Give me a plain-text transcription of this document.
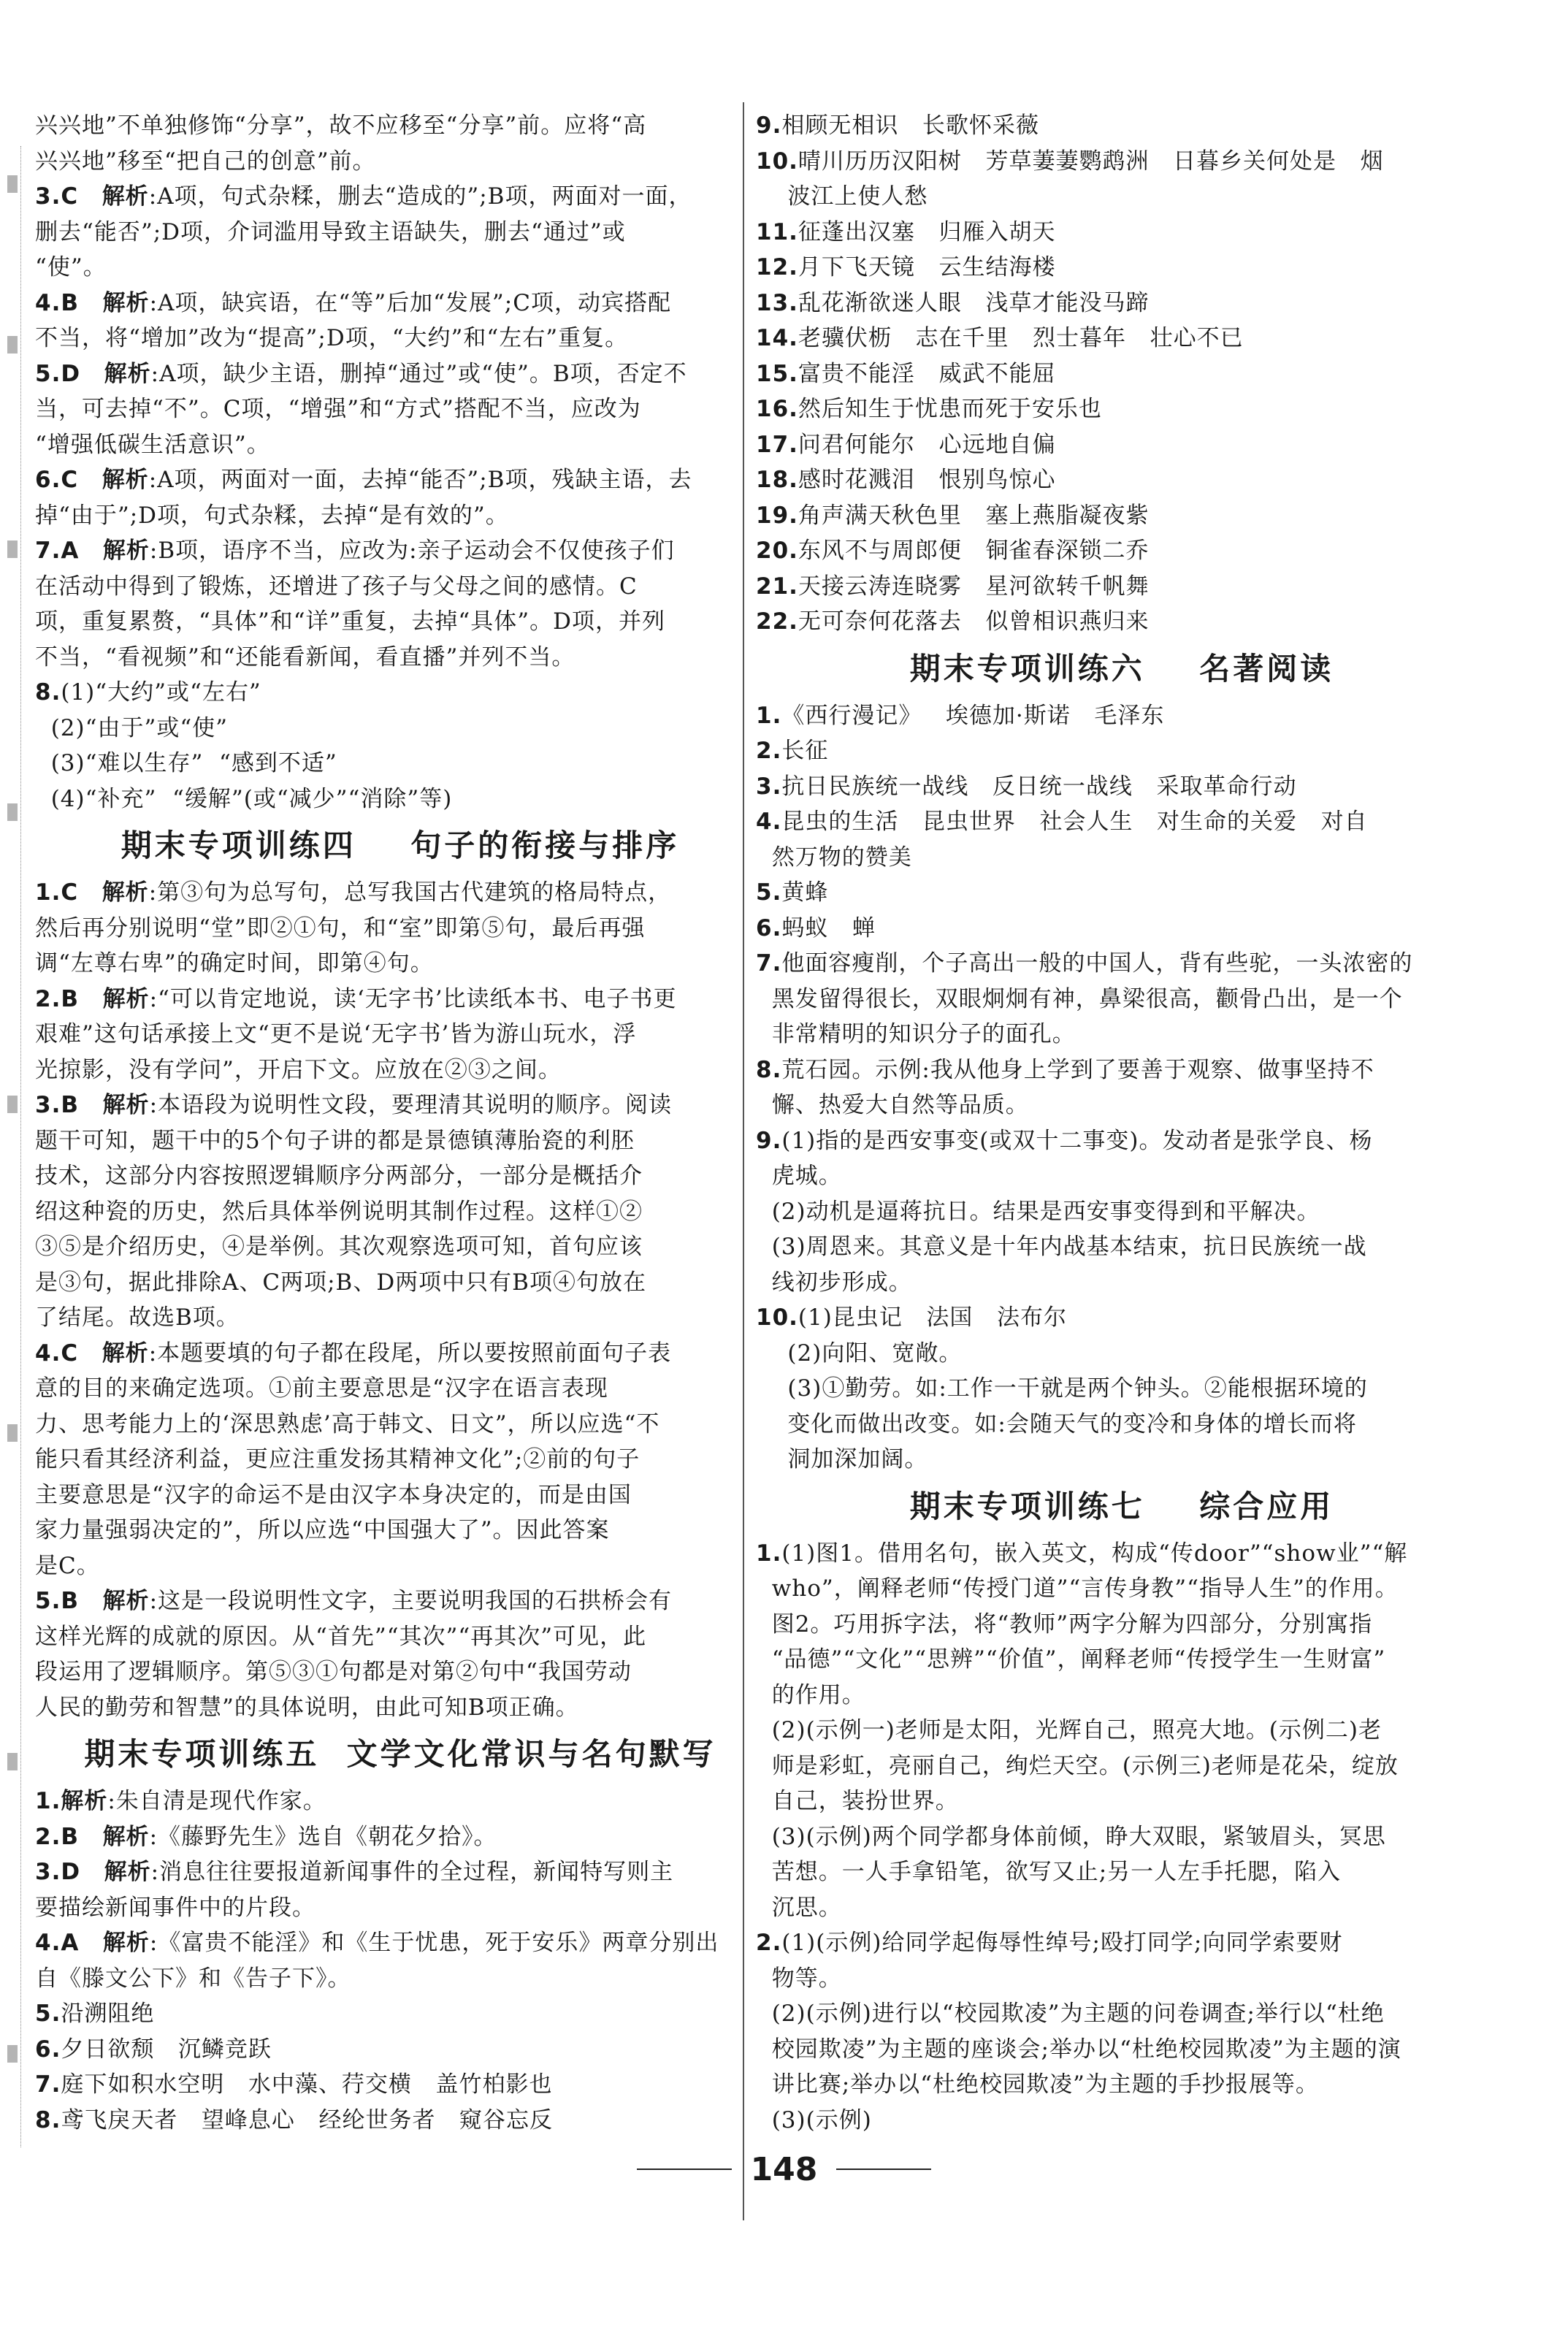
兴兴地”不单独修饰“分享”，故不应移至“分享”前。应将“高
兴兴地”移至“把自己的创意”前。
3.C 解析:A项，句式杂糅，删去“造成的”;B项，两面对一面，
删去“能否”;D项，介词滥用导致主语缺失，删去“通过”或
“使”。
4.B 解析:A项，缺宾语，在“等”后加“发展”;C项，动宾搭配
不当，将“增加”改为“提高”;D项，“大约”和“左右”重复。
5.D 解析:A项，缺少主语，删掉“通过”或“使”。B项，否定不
当，可去掉“不”。C项，“增强”和“方式”搭配不当，应改为
“增强低碳生活意识”。
6.C 解析:A项，两面对一面，去掉“能否”;B项，残缺主语，去
掉“由于”;D项，句式杂糅，去掉“是有效的”。
7.A 解析:B项，语序不当，应改为:亲子运动会不仅使孩子们
在活动中得到了锻炼，还增进了孩子与父母之间的感情。C
项，重复累赘，“具体”和“详”重复，去掉“具体”。D项，并列
不当，“看视频”和“还能看新闻，看直播”并列不当。
8.(1)“大约”或“左右”
(2)“由于”或“使”
(3)“难以生存”  “感到不适”
(4)“补充”  “缓解”(或“减少”“消除”等)
期末专项训练四    句子的衔接与排序
1.C 解析:第③句为总写句，总写我国古代建筑的格局特点，
然后再分别说明“堂”即②①句，和“室”即第⑤句，最后再强
调“左尊右卑”的确定时间，即第④句。
2.B 解析:“可以肯定地说，读‘无字书’比读纸本书、电子书更
艰难”这句话承接上文“更不是说‘无字书’皆为游山玩水，浮
光掠影，没有学问”，开启下文。应放在②③之间。
3.B 解析:本语段为说明性文段，要理清其说明的顺序。阅读
题干可知，题干中的5个句子讲的都是景德镇薄胎瓷的利胚
技术，这部分内容按照逻辑顺序分两部分，一部分是概括介
绍这种瓷的历史，然后具体举例说明其制作过程。这样①②
③⑤是介绍历史，④是举例。其次观察选项可知，首句应该
是③句，据此排除A、C两项;B、D两项中只有B项④句放在
了结尾。故选B项。
4.C 解析:本题要填的句子都在段尾，所以要按照前面句子表
意的目的来确定选项。①前主要意思是“汉字在语言表现
力、思考能力上的‘深思熟虑’高于韩文、日文”，所以应选“不
能只看其经济利益，更应注重发扬其精神文化”;②前的句子
主要意思是“汉字的命运不是由汉字本身决定的，而是由国
家力量强弱决定的”，所以应选“中国强大了”。因此答案
是C。
5.B 解析:这是一段说明性文字，主要说明我国的石拱桥会有
这样光辉的成就的原因。从“首先”“其次”“再其次”可见，此
段运用了逻辑顺序。第⑤③①句都是对第②句中“我国劳动
人民的勤劳和智慧”的具体说明，由此可知B项正确。
期末专项训练五  文学文化常识与名句默写
1.解析:朱自清是现代作家。
2.B 解析:《藤野先生》选自《朝花夕拾》。
3.D 解析:消息往往要报道新闻事件的全过程，新闻特写则主
要描绘新闻事件中的片段。
4.A 解析:《富贵不能淫》和《生于忧患，死于安乐》两章分别出
自《滕文公下》和《告子下》。
5.沿溯阻绝
6.夕日欲颓   沉鳞竞跃
7.庭下如积水空明   水中藻、荇交横   盖竹柏影也
8.鸢飞戾天者   望峰息心   经纶世务者   窥谷忘反
9.相顾无相识   长歌怀采薇
10.晴川历历汉阳树   芳草萋萋鹦鹉洲   日暮乡关何处是   烟
波江上使人愁
11.征蓬出汉塞   归雁入胡天
12.月下飞天镜   云生结海楼
13.乱花渐欲迷人眼   浅草才能没马蹄
14.老骥伏枥   志在千里   烈士暮年   壮心不已
15.富贵不能淫   威武不能屈
16.然后知生于忧患而死于安乐也
17.问君何能尔   心远地自偏
18.感时花溅泪   恨别鸟惊心
19.角声满天秋色里   塞上燕脂凝夜紫
20.东风不与周郎便   铜雀春深锁二乔
21.天接云涛连晓雾   星河欲转千帆舞
22.无可奈何花落去   似曾相识燕归来
期末专项训练六    名著阅读
1.《西行漫记》   埃德加·斯诺   毛泽东
2.长征
3.抗日民族统一战线   反日统一战线   采取革命行动
4.昆虫的生活   昆虫世界   社会人生   对生命的关爱   对自
然万物的赞美
5.黄蜂
6.蚂蚁   蝉
7.他面容瘦削，个子高出一般的中国人，背有些驼，一头浓密的
黑发留得很长，双眼炯炯有神，鼻梁很高，颧骨凸出，是一个
非常精明的知识分子的面孔。
8.荒石园。示例:我从他身上学到了要善于观察、做事坚持不
懈、热爱大自然等品质。
9.(1)指的是西安事变(或双十二事变)。发动者是张学良、杨
虎城。
(2)动机是逼蒋抗日。结果是西安事变得到和平解决。
(3)周恩来。其意义是十年内战基本结束，抗日民族统一战
线初步形成。
10.(1)昆虫记   法国   法布尔
(2)向阳、宽敞。
(3)①勤劳。如:工作一干就是两个钟头。②能根据环境的
变化而做出改变。如:会随天气的变冷和身体的增长而将
洞加深加阔。
期末专项训练七    综合应用
1.(1)图1。借用名句，嵌入英文，构成“传door”“show业”“解
who”，阐释老师“传授门道”“言传身教”“指导人生”的作用。
图2。巧用拆字法，将“教师”两字分解为四部分，分别寓指
“品德”“文化”“思辨”“价值”，阐释老师“传授学生一生财富”
的作用。
(2)(示例一)老师是太阳，光辉自己，照亮大地。(示例二)老
师是彩虹，亮丽自己，绚烂天空。(示例三)老师是花朵，绽放
自己，装扮世界。
(3)(示例)两个同学都身体前倾，睁大双眼，紧皱眉头，冥思
苦想。一人手拿铅笔，欲写又止;另一人左手托腮，陷入
沉思。
2.(1)(示例)给同学起侮辱性绰号;殴打同学;向同学索要财
物等。
(2)(示例)进行以“校园欺凌”为主题的问卷调查;举行以“杜绝
校园欺凌”为主题的座谈会;举办以“杜绝校园欺凌”为主题的演
讲比赛;举办以“杜绝校园欺凌”为主题的手抄报展等。
(3)(示例)
148
